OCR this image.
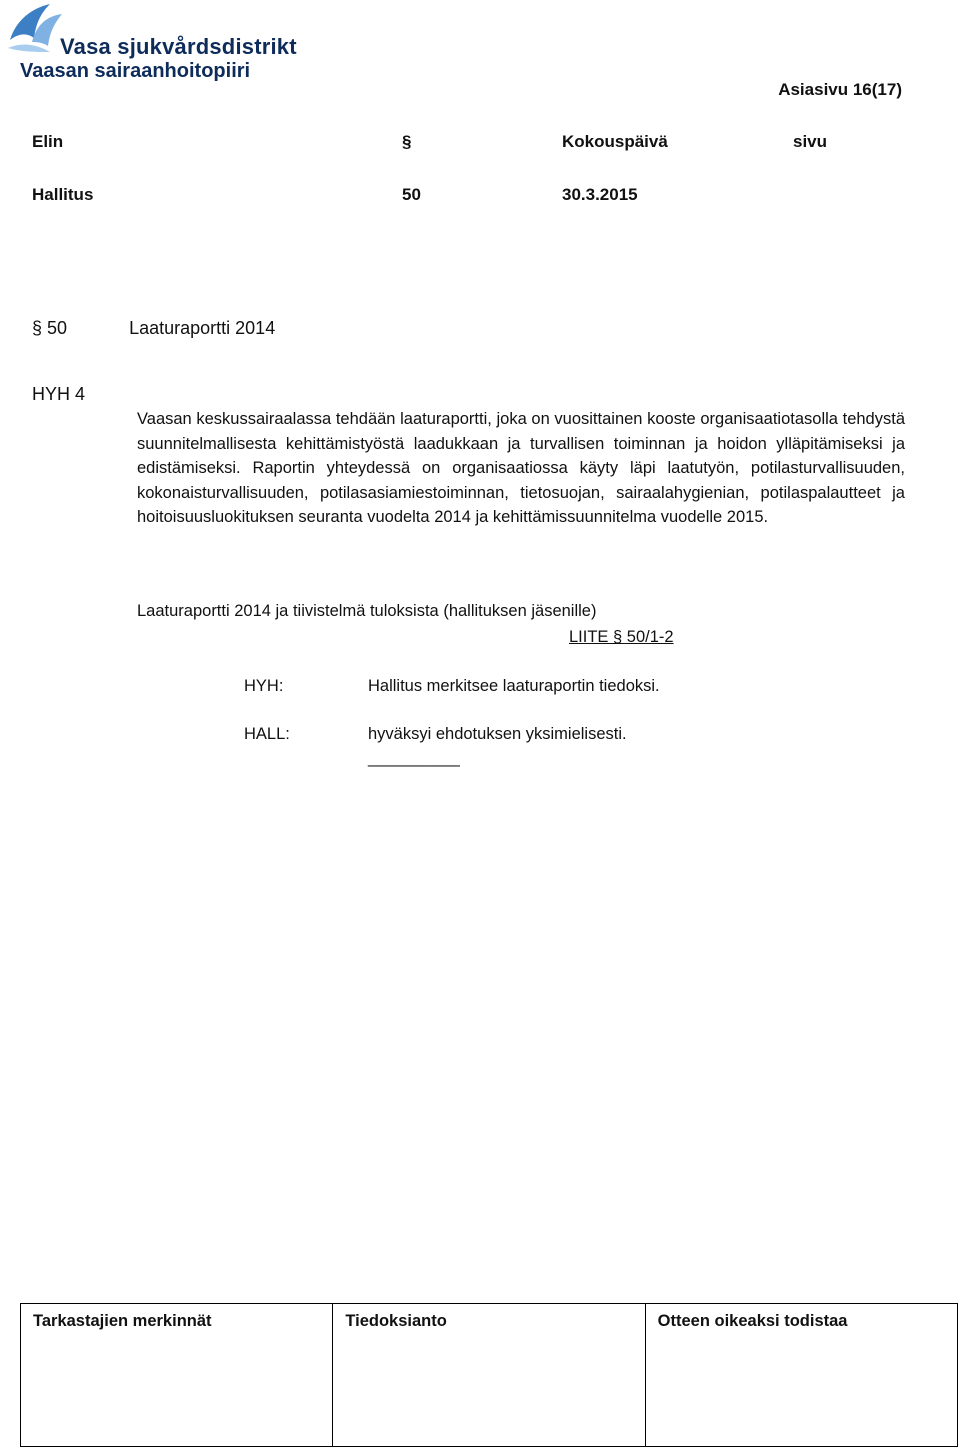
Vasa sjukvårdsdistrikt
Vaasan sairaanhoitopiiri
Asiasivu 16(17)
Elin	§	Kokouspäivä	sivu
Hallitus	50	30.3.2015
§ 50	Laaturaportti 2014
HYH 4
Vaasan keskussairaalassa tehdään laaturaportti, joka on vuosittainen kooste organisaatiotasolla tehdystä suunnitelmallisesta kehittämistyöstä laadukkaan ja turvallisen toiminnan ja hoidon ylläpitämiseksi ja edistämiseksi. Raportin yhteydessä on organisaatiossa käyty läpi laatutyön, potilasturvallisuuden, kokonaisturvallisuuden, potilasasiamiestoiminnan, tietosuojan, sairaalahygienian, potilaspalautteet ja hoitoisuusluokituksen seuranta vuodelta 2014 ja kehittämissuunnitelma vuodelle 2015.
Laaturaportti 2014 ja tiivistelmä tuloksista (hallituksen jäsenille)
LIITE § 50/1-2
HYH:	Hallitus merkitsee laaturaportin tiedoksi.
HALL:	hyväksyi ehdotuksen yksimielisesti.
__________
Tarkastajien merkinnät	Tiedoksianto	Otteen oikeaksi todistaa
